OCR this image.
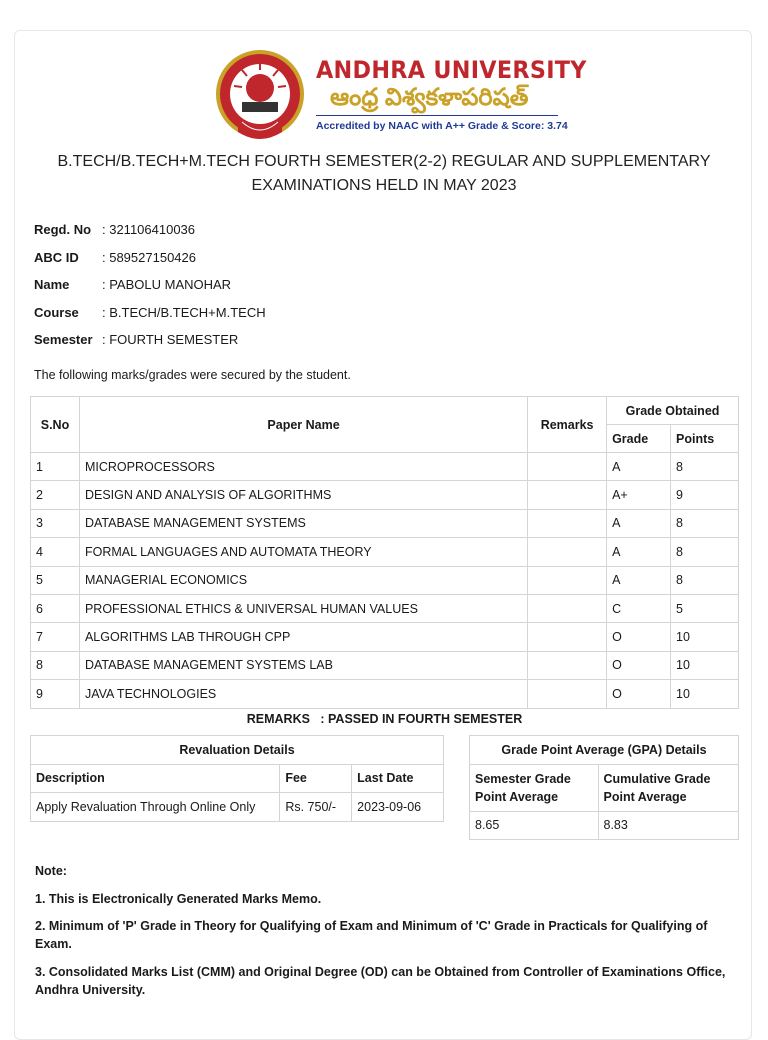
ANDHRA UNIVERSITY
ఆంధ్ర విశ్వకళాపరిషత్
Accredited by NAAC with A++ Grade & Score: 3.74
B.TECH/B.TECH+M.TECH FOURTH SEMESTER(2-2) REGULAR AND SUPPLEMENTARY EXAMINATIONS HELD IN MAY 2023
Regd. No : 321106410036
ABC ID	: 589527150426
Name	: PABOLU MANOHAR
Course	: B.TECH/B.TECH+M.TECH
Semester : FOURTH SEMESTER
The following marks/grades were secured by the student.
S.No	Paper Name	Remarks	Grade Obtained	
			Grade	Points
1	MICROPROCESSORS		A	8
2	DESIGN AND ANALYSIS OF ALGORITHMS		A+	9
3	DATABASE MANAGEMENT SYSTEMS		A	8
4	FORMAL LANGUAGES AND AUTOMATA THEORY		A	8
5	MANAGERIAL ECONOMICS		A	8
6	PROFESSIONAL ETHICS & UNIVERSAL HUMAN VALUES		C	5
7	ALGORITHMS LAB THROUGH CPP		O	10
8	DATABASE MANAGEMENT SYSTEMS LAB		O	10
9	JAVA TECHNOLOGIES		O	10
REMARKS : PASSED IN FOURTH SEMESTER
Revaluation Details		
Description	Fee	Last Date
Apply Revaluation Through Online Only	Rs. 750/-	2023-09-06
Grade Point Average (GPA) Details	
Semester Grade Point Average	Cumulative Grade Point Average
8.65	8.83

Note:

1. This is Electronically Generated Marks Memo.

2. Minimum of 'P' Grade in Theory for Qualifying of Exam and Minimum of 'C' Grade in Practicals for Qualifying of Exam.

3. Consolidated Marks List (CMM) and Original Degree (OD) can be Obtained from Controller of Examinations Office, Andhra University.
